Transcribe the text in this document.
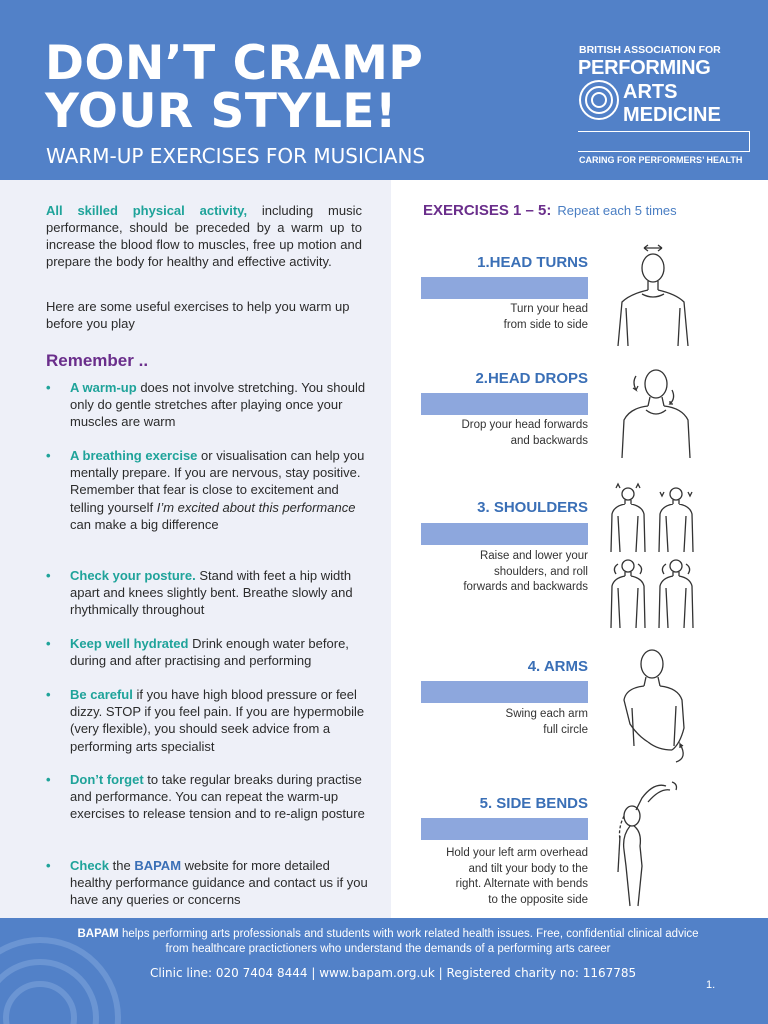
DON’T CRAMP
YOUR STYLE!
WARM-UP EXERCISES FOR MUSICIANS
BRITISH ASSOCIATION FOR
PERFORMING
ARTS
MEDICINE
CARING FOR PERFORMERS’ HEALTH
All skilled physical activity, including music performance, should be preceded by a warm up to increase the blood flow to muscles, free up motion and prepare the body for healthy and effective activity.
Here are some useful exercises to help you warm up before you play
Remember ..
• A warm-up does not involve stretching. You should only do gentle stretches after playing once your muscles are warm
• A breathing exercise or visualisation can help you mentally prepare. If you are nervous, stay positive. Remember that fear is close to excitement and telling yourself I’m excited about this performance can make a big difference
• Check your posture. Stand with feet a hip width apart and knees slightly bent. Breathe slowly and rhythmically throughout
• Keep well hydrated Drink enough water before, during and after practising and performing
• Be careful if you have high blood pressure or feel dizzy. STOP if you feel pain. If you are hypermobile (very flexible), you should seek advice from a performing arts specialist
• Don’t forget to take regular breaks during practise and performance. You can repeat the warm-up exercises to release tension and to re-align posture
• Check the BAPAM website for more detailed healthy performance guidance and contact us if you have any queries or concerns
EXERCISES 1 – 5: Repeat each 5 times
1.HEAD TURNS
Turn your head
from side to side
2.HEAD DROPS
Drop your head forwards
and backwards
3. SHOULDERS
Raise and lower your
shoulders, and roll
forwards and backwards
4. ARMS
Swing each arm
full circle
5. SIDE BENDS
Hold your left arm overhead
and tilt your body to the
right. Alternate with bends
to the opposite side
BAPAM helps performing arts professionals and students with work related health issues. Free, confidential clinical advice from healthcare practictioners who understand the demands of a performing arts career
Clinic line: 020 7404 8444 | www.bapam.org.uk | Registered charity no: 1167785
1.
